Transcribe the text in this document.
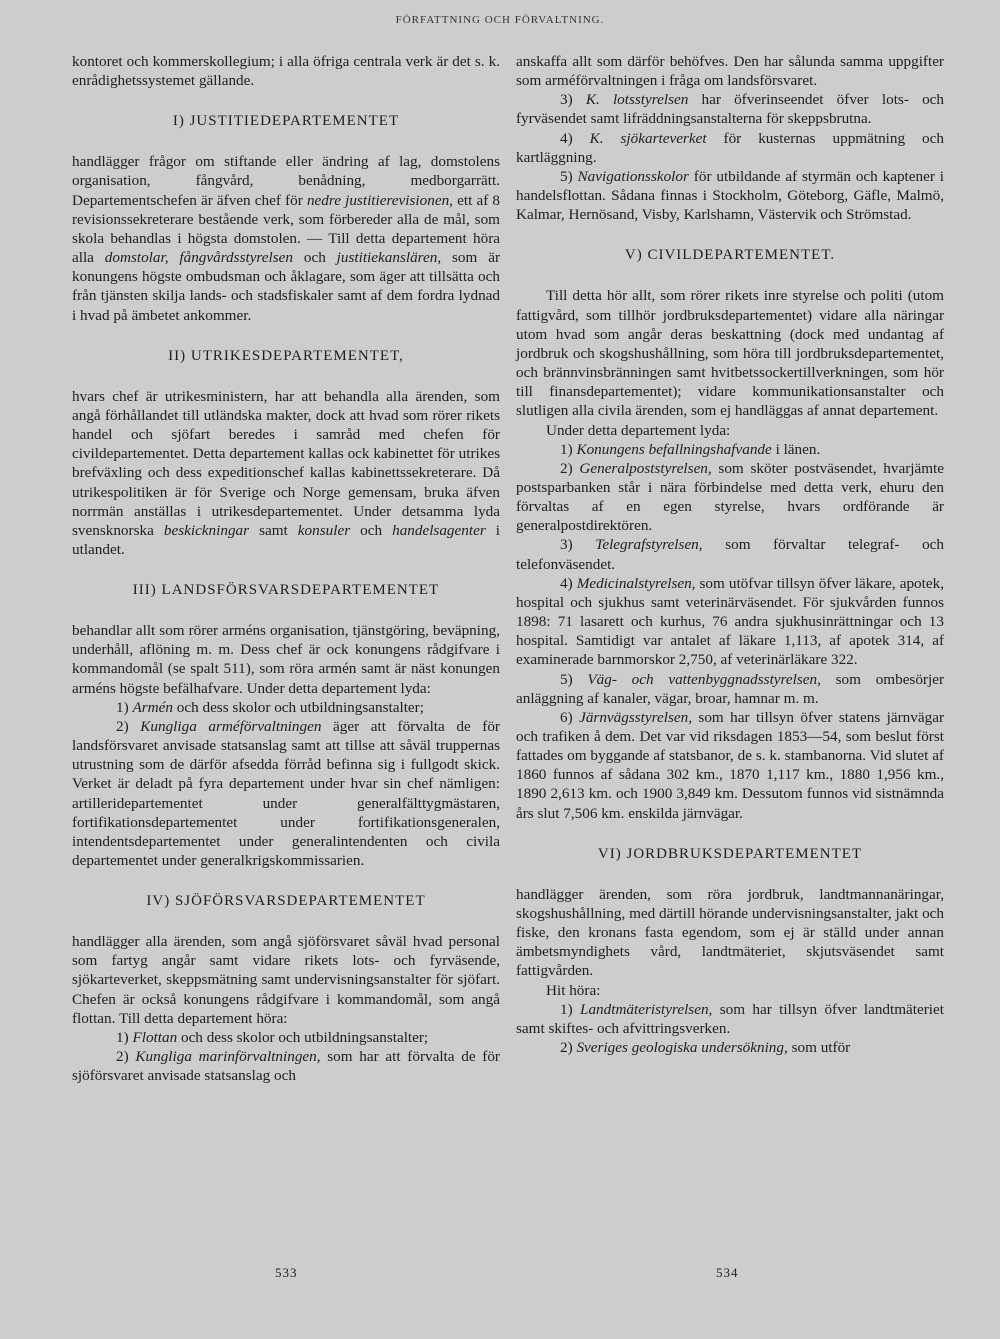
FÖRFATTNING OCH FÖRVALTNING.

kontoret och kommerskollegium; i alla öfriga centrala verk är det s. k. enrådighetssystemet gällande.

I) JUSTITIEDEPARTEMENTET

handlägger frågor om stiftande eller ändring af lag, domstolens organisation, fångvård, benådning, medborgarrätt. Departementschefen är äfven chef för nedre justitierevisionen, ett af 8 revisionssekreterare bestående verk, som förbereder alla de mål, som skola behandlas i högsta domstolen. — Till detta departement höra alla domstolar, fångvårdsstyrelsen och justitiekanslären, som är konungens högste ombudsman och åklagare, som äger att tillsätta och från tjänsten skilja lands- och stadsfiskaler samt af dem fordra lydnad i hvad på ämbetet ankommer.

II) UTRIKESDEPARTEMENTET,

hvars chef är utrikesministern, har att behandla alla ärenden, som angå förhållandet till utländska makter, dock att hvad som rörer rikets handel och sjöfart beredes i samråd med chefen för civildepartementet. Detta departement kallas ock kabinettet för utrikes brefväxling och dess expeditionschef kallas kabinettssekreterare. Då utrikespolitiken är för Sverige och Norge gemensam, bruka äfven norrmän anställas i utrikesdepartementet. Under detsamma lyda svensknorska beskickningar samt konsuler och handelsagenter i utlandet.

III) LANDSFÖRSVARSDEPARTEMENTET

behandlar allt som rörer arméns organisation, tjänstgöring, beväpning, underhåll, aflöning m. m. Dess chef är ock konungens rådgifvare i kommandomål (se spalt 511), som röra armén samt är näst konungen arméns högste befälhafvare. Under detta departement lyda:

1) Armén och dess skolor och utbildningsanstalter;

2) Kungliga arméförvaltningen äger att förvalta de för landsförsvaret anvisade statsanslag samt att tillse att såväl truppernas utrustning som de därför afsedda förråd befinna sig i fullgodt skick. Verket är deladt på fyra departement under hvar sin chef nämligen: artilleridepartementet under generalfälttygmästaren, fortifikationsdepartementet under fortifikationsgeneralen, intendentsdepartementet under generalintendenten och civila departementet under generalkrigskommissarien.

IV) SJÖFÖRSVARSDEPARTEMENTET

handlägger alla ärenden, som angå sjöförsvaret såväl hvad personal som fartyg angår samt vidare rikets lots- och fyrväsende, sjökarteverket, skeppsmätning samt undervisningsanstalter för sjöfart. Chefen är också konungens rådgifvare i kommandomål, som angå flottan. Till detta departement höra:

1) Flottan och dess skolor och utbildningsanstalter;

2) Kungliga marinförvaltningen, som har att förvalta de för sjöförsvaret anvisade statsanslag och

anskaffa allt som därför behöfves. Den har sålunda samma uppgifter som arméförvaltningen i fråga om landsförsvaret.

3) K. lotsstyrelsen har öfverinseendet öfver lots- och fyrväsendet samt lifräddningsanstalterna för skeppsbrutna.

4) K. sjökarteverket för kusternas uppmätning och kartläggning.

5) Navigationsskolor för utbildande af styrmän och kaptener i handelsflottan. Sådana finnas i Stockholm, Göteborg, Gäfle, Malmö, Kalmar, Hernösand, Visby, Karlshamn, Västervik och Strömstad.

V) CIVILDEPARTEMENTET.

Till detta hör allt, som rörer rikets inre styrelse och politi (utom fattigvård, som tillhör jordbruksdepartementet) vidare alla näringar utom hvad som angår deras beskattning (dock med undantag af jordbruk och skogshushållning, som höra till jordbruksdepartementet, och brännvinsbränningen samt hvitbetssockertillverkningen, som hör till finansdepartementet); vidare kommunikationsanstalter och slutligen alla civila ärenden, som ej handläggas af annat departement.

Under detta departement lyda:

1) Konungens befallningshafvande i länen.

2) Generalpoststyrelsen, som sköter postväsendet, hvarjämte postsparbanken står i nära förbindelse med detta verk, ehuru den förvaltas af en egen styrelse, hvars ordförande är generalpostdirektören.

3) Telegrafstyrelsen, som förvaltar telegraf- och telefonväsendet.

4) Medicinalstyrelsen, som utöfvar tillsyn öfver läkare, apotek, hospital och sjukhus samt veterinärväsendet. För sjukvården funnos 1898: 71 lasarett och kurhus, 76 andra sjukhusinrättningar och 13 hospital. Samtidigt var antalet af läkare 1,113, af apotek 314, af examinerade barnmorskor 2,750, af veterinärläkare 322.

5) Väg- och vattenbyggnadsstyrelsen, som ombesörjer anläggning af kanaler, vägar, broar, hamnar m. m.

6) Järnvägsstyrelsen, som har tillsyn öfver statens järnvägar och trafiken å dem. Det var vid riksdagen 1853—54, som beslut först fattades om byggande af statsbanor, de s. k. stambanorna. Vid slutet af 1860 funnos af sådana 302 km., 1870 1,117 km., 1880 1,956 km., 1890 2,613 km. och 1900 3,849 km. Dessutom funnos vid sistnämnda års slut 7,506 km. enskilda järnvägar.

VI) JORDBRUKSDEPARTEMENTET

handlägger ärenden, som röra jordbruk, landtmannanäringar, skogshushållning, med därtill hörande undervisningsanstalter, jakt och fiske, den kronans fasta egendom, som ej är ställd under annan ämbetsmyndighets vård, landtmäteriet, skjutsväsendet samt fattigvården.

Hit höra:

1) Landtmäteristyrelsen, som har tillsyn öfver landtmäteriet samt skiftes- och afvittringsverken.

2) Sveriges geologiska undersökning, som utför

533	534
